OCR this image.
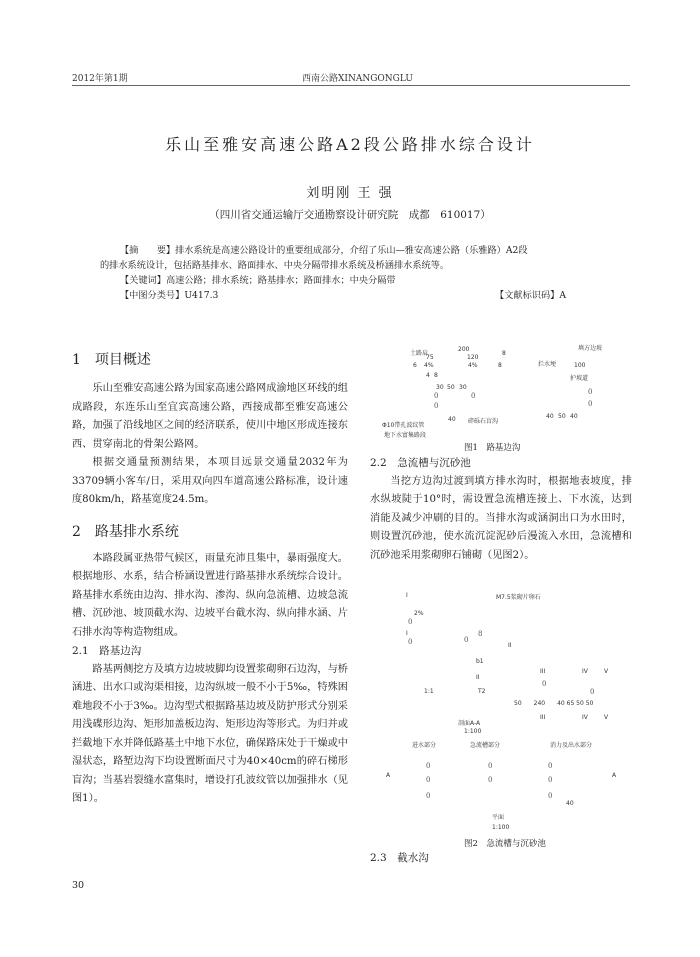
2012年第1期	西南公路XINANGONGLU
乐山至雅安高速公路A2段公路排水综合设计
刘明刚 王 强
（四川省交通运输厅交通勘察设计研究院　成都　610017）
【摘　　要】排水系统是高速公路设计的重要组成部分，介绍了乐山—雅安高速公路（乐雅路）A2段
的排水系统设计，包括路基排水、路面排水、中央分隔带排水系统及桥涵排水系统等。
【关键词】高速公路；排水系统；路基排水；路面排水；中央分隔带
【中图分类号】U417.3	【文献标识码】A
1　项目概述

乐山至雅安高速公路为国家高速公路网成渝地区环线的组成路段，东连乐山至宜宾高速公路，西接成都至雅安高速公路，加强了沿线地区之间的经济联系，使川中地区形成连接东西、贯穿南北的骨架公路网。

根据交通量预测结果，本项目远景交通量2032年为33709辆小客车/日，采用双向四车道高速公路标准，设计速度80km/h，路基宽度24.5m。

2　路基排水系统

本路段属亚热带气候区，雨量充沛且集中，暴雨强度大。根据地形、水系，结合桥涵设置进行路基排水系统综合设计。路基排水系统由边沟、排水沟、渗沟、纵向急流槽、边坡急流槽、沉砂池、坡顶截水沟、边坡平台截水沟、纵向排水涵、片石排水沟等构造物组成。

2.1　路基边沟

路基两侧挖方及填方边坡坡脚均设置浆砌卵石边沟，与桥涵进、出水口或沟渠相接，边沟纵坡一般不小于5‰，特殊困难地段不小于3‰。边沟型式根据路基边坡及防护形式分别采用浅碟形边沟、矩形加盖板边沟、矩形边沟等形式。为归并或拦截地下水并降低路基土中地下水位，确保路床处于干燥或中湿状态，路堑边沟下均设置断面尺寸为40×40cm的碎石梯形盲沟；当基岩裂缝水富集时，增设打孔波纹管以加强排水（见图1）。

30
土路肩
75
200
120
6 4%	4%
8
8
填方边坡
拦水埂	100
护坡道
8
4
30 50 30
0
0
0	0
0
40 碎砾石盲沟
40 50 40
Φ10带孔波纹管
地下水富集路段
图1　路基边沟
2.2　急流槽与沉砂池

当挖方边沟过渡到填方排水沟时，根据地表坡度，排水纵坡陡于10°时，需设置急流槽连接上、下水流，达到消能及减少冲刷的目的。当排水沟或涵洞出口为水田时，则设置沉砂池，使水流沉淀泥砂后漫流入水田，急流槽和沉砂池采用浆砌卵石铺砌（见图2）。

I	M7.5浆砌片卵石
2%
I
0
0	0
8
II
b1
II
1:1	T2
III	IV	V
0
0
50　　240　　40 65 50 50
剖面A-A
1:100
III	IV	V
进水部分	急流槽部分	消力及出水部分
A	A
0
0
0
0
0
0
0
0
40
平面
1:100
图2　急流槽与沉砂池
2.3　截水沟
